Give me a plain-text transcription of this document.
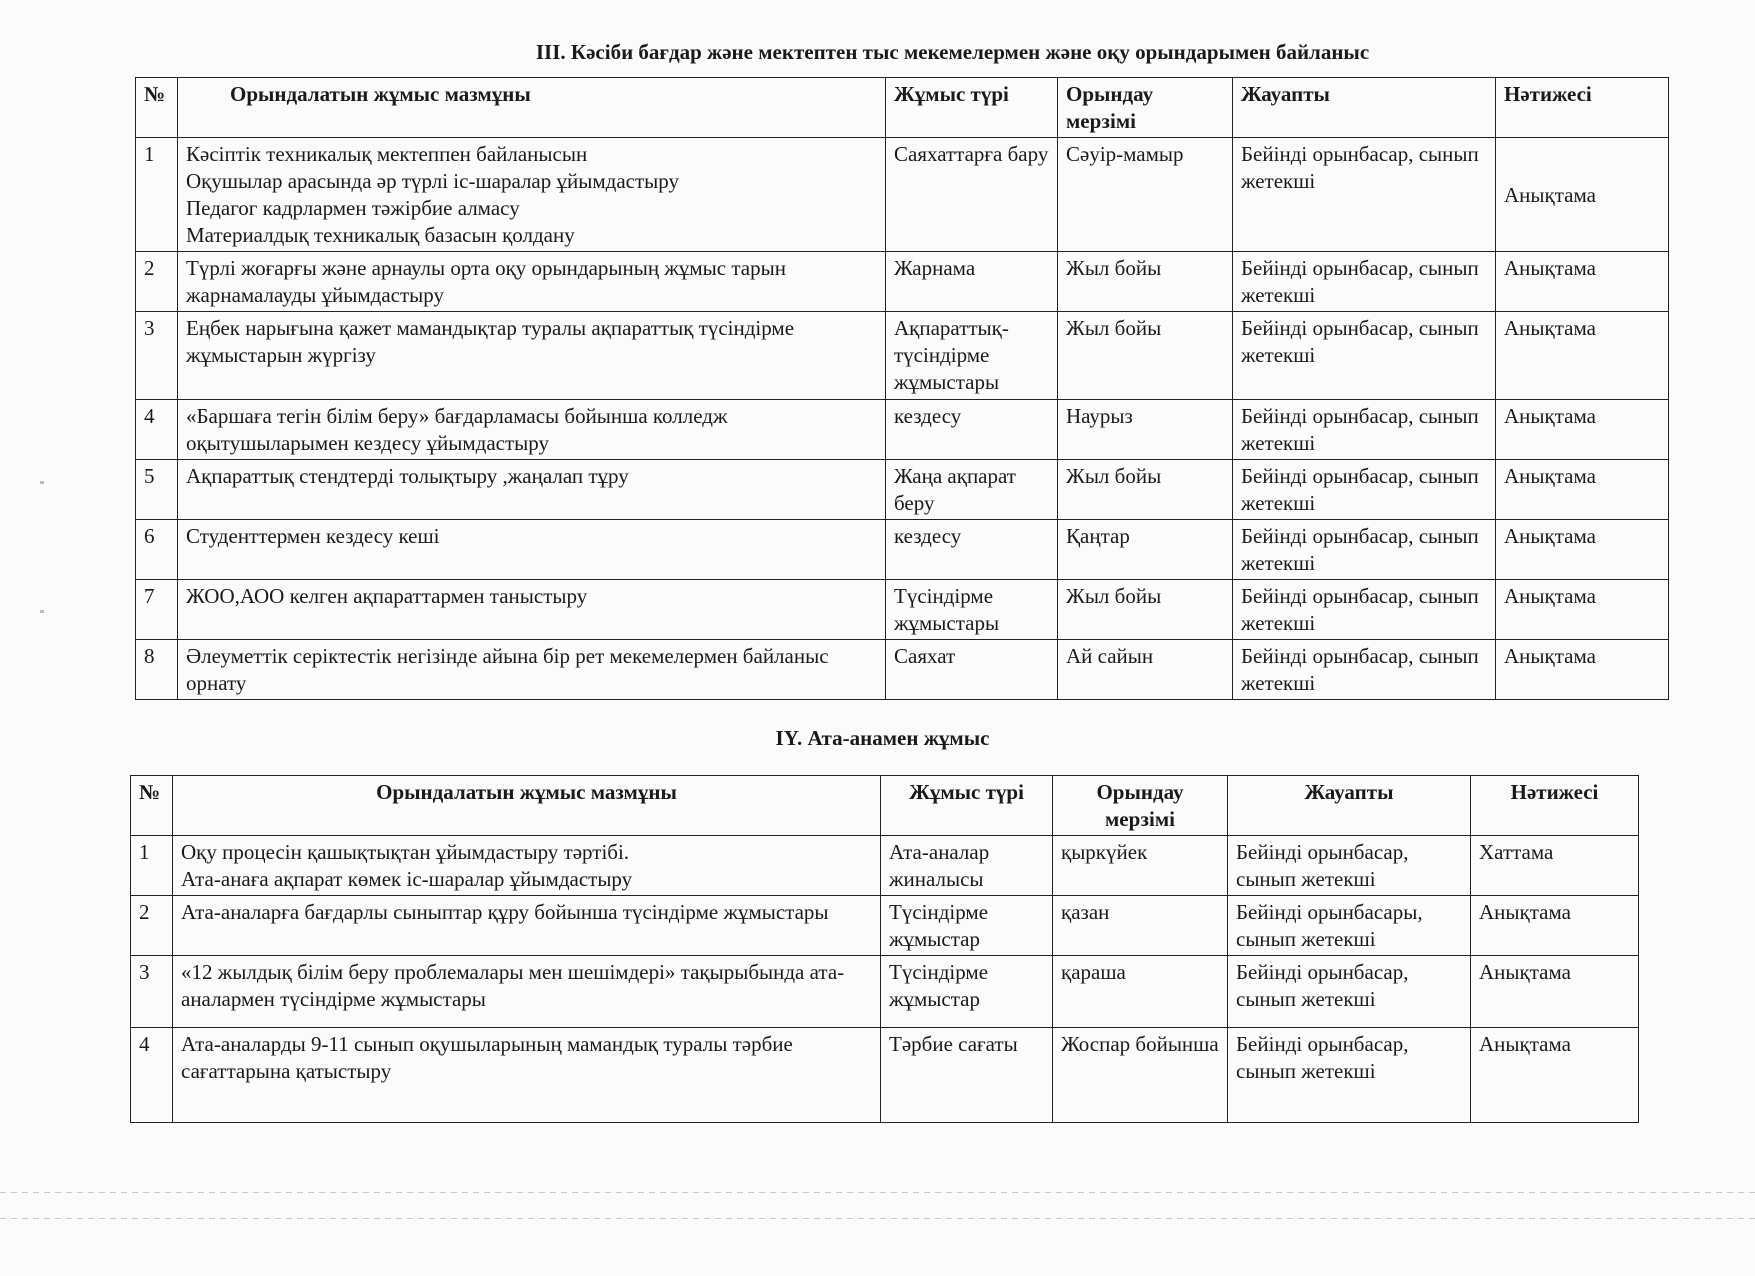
III. Кәсіби бағдар және мектептен тыс мекемелермен және оқу орындарымен байланыс
№	Орындалатын жұмыс мазмұны	Жұмыс түрі	Орындау мерзімі	Жауапты	Нәтижесі
1	Кәсіптік техникалық мектеппен байланысын
Оқушылар арасында әр түрлі іс-шаралар ұйымдастыру
Педагог кадрлармен тәжірбие алмасу
Материалдық техникалық базасын қолдану	Саяхаттарға бару	Сәуір-мамыр	Бейінді орынбасар, сынып жетекші	Анықтама
2	Түрлі жоғарғы және арнаулы орта оқу орындарының жұмыс тарын жарнамалауды ұйымдастыру	Жарнама	Жыл бойы	Бейінді орынбасар, сынып жетекші	Анықтама
3	Еңбек нарығына қажет мамандықтар туралы ақпараттық түсіндірме жұмыстарын жүргізу	Ақпараттық-түсіндірме жұмыстары	Жыл бойы	Бейінді орынбасар, сынып жетекші	Анықтама
4	«Баршаға тегін білім беру» бағдарламасы бойынша колледж оқытушыларымен кездесу ұйымдастыру	кездесу	Наурыз	Бейінді орынбасар, сынып жетекші	Анықтама
5	Ақпараттық стендтерді толықтыру ,жаңалап тұру	Жаңа ақпарат беру	Жыл бойы	Бейінді орынбасар, сынып жетекші	Анықтама
6	Студенттермен кездесу кеші	кездесу	Қаңтар	Бейінді орынбасар, сынып жетекші	Анықтама
7	ЖОО,АОО келген ақпараттармен таныстыру	Түсіндірме жұмыстары	Жыл бойы	Бейінді орынбасар, сынып жетекші	Анықтама
8	Әлеуметтік серіктестік негізінде айына бір рет мекемелермен байланыс орнату	Саяхат	Ай сайын	Бейінді орынбасар, сынып жетекші	Анықтама
IY. Ата-анамен жұмыс
№	Орындалатын жұмыс мазмұны	Жұмыс түрі	Орындау мерзімі	Жауапты	Нәтижесі
1	Оқу процесін қашықтықтан ұйымдастыру тәртібі.
Ата-анаға ақпарат көмек іс-шаралар ұйымдастыру	Ата-аналар жиналысы	қыркүйек	Бейінді орынбасар, сынып жетекші	Хаттама
2	Ата-аналарға бағдарлы сыныптар құру бойынша түсіндірме жұмыстары	Түсіндірме жұмыстар	қазан	Бейінді орынбасары, сынып жетекші	Анықтама
3	«12 жылдық білім беру проблемалары мен шешімдері» тақырыбында ата-аналармен түсіндірме жұмыстары	Түсіндірме жұмыстар	қараша	Бейінді орынбасар, сынып жетекші	Анықтама
4	Ата-аналарды 9-11 сынып оқушыларының мамандық туралы тәрбие сағаттарына қатыстыру	Тәрбие сағаты	Жоспар бойынша	Бейінді орынбасар, сынып жетекші	Анықтама
